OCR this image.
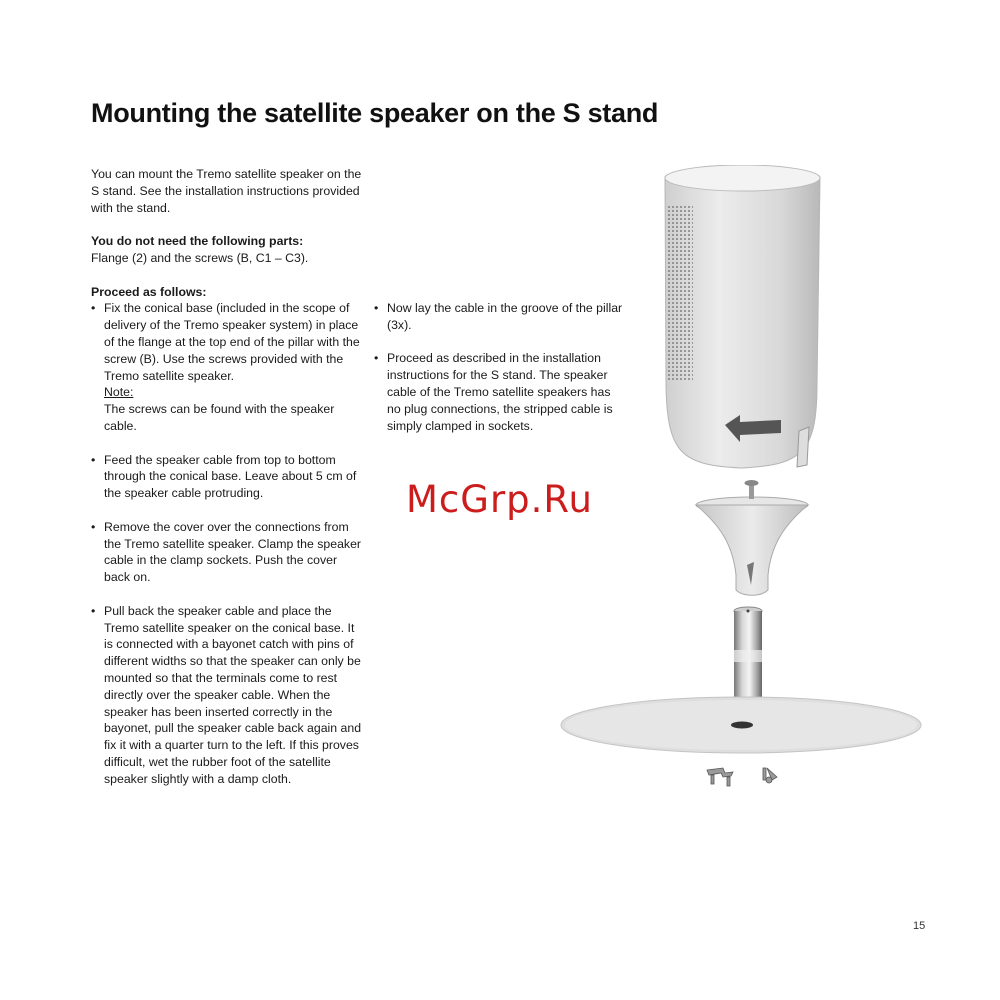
Mounting the satellite speaker on the S stand

You can mount the Tremo satellite speaker on the S stand. See the installation instructions provided with the stand.

You do not need the following parts:

Flange (2) and the screws (B, C1 – C3).

Proceed as follows:

• Fix the conical base (included in the scope of delivery of the Tremo speaker system) in place of the flange at the top end of the pillar with the screw (B). Use the screws provided with the Tremo satellite speaker.
Note:
The screws can be found with the speaker cable.
• Feed the speaker cable from top to bottom through the conical base. Leave about 5 cm of the speaker cable protruding.
• Remove the cover over the connections from the Tremo satellite speaker. Clamp the speaker cable in the clamp sockets. Push the cover back on.
• Pull back the speaker cable and place the Tremo satellite speaker on the conical base. It is connected with a bayonet catch with pins of different widths so that the speaker can only be mounted so that the terminals come to rest directly over the speaker cable. When the speaker has been inserted correctly in the bayonet, pull the speaker cable back again and fix it with a quarter turn to the left. If this proves difficult, wet the rubber foot of the satellite speaker slightly with a damp cloth.
• Now lay the cable in the groove of the pillar (3x).
• Proceed as described in the installation instructions for the S stand. The speaker cable of the Tremo satellite speakers has no plug connections, the stripped cable is simply clamped in sockets.
McGrp.Ru
15
